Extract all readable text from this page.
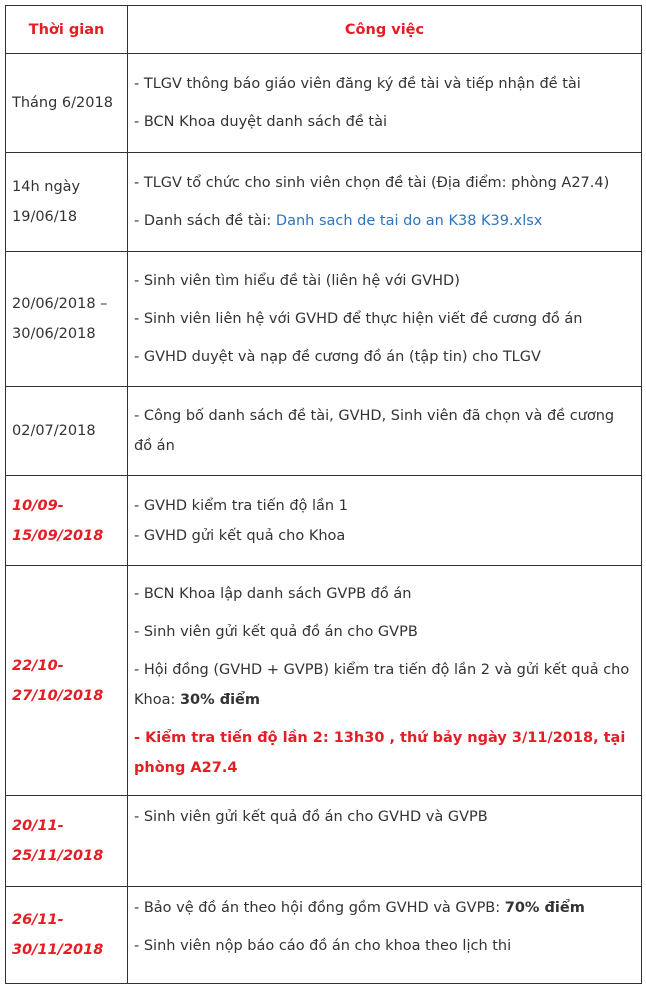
Thời gian	Công việc

Tháng 6/2018	- TLGV thông báo giáo viên đăng ký đề tài và tiếp nhận đề tài
- BCN Khoa duyệt danh sách đề tài

14h ngày
19/06/18	- TLGV tổ chức cho sinh viên chọn đề tài (Địa điểm: phòng A27.4)
- Danh sách đề tài: Danh sach de tai do an K38 K39.xlsx

20/06/2018 –
30/06/2018	- Sinh viên tìm hiểu đề tài (liên hệ với GVHD)
- Sinh viên liên hệ với GVHD để thực hiện viết đề cương đồ án
- GVHD duyệt và nạp đề cương đồ án (tập tin) cho TLGV

02/07/2018	- Công bố danh sách đề tài, GVHD, Sinh viên đã chọn và đề cương đồ án

10/09-
15/09/2018	- GVHD kiểm tra tiến độ lần 1
- GVHD gửi kết quả cho Khoa

22/10-
27/10/2018	- BCN Khoa lập danh sách GVPB đồ án
- Sinh viên gửi kết quả đồ án cho GVPB
- Hội đồng (GVHD + GVPB) kiểm tra tiến độ lần 2 và gửi kết quả cho Khoa: 30% điểm
- Kiểm tra tiến độ lần 2: 13h30 , thứ bảy ngày 3/11/2018, tại phòng A27.4

20/11-
25/11/2018	- Sinh viên gửi kết quả đồ án cho GVHD và GVPB

26/11-
30/11/2018	- Bảo vệ đồ án theo hội đồng gồm GVHD và GVPB: 70% điểm
- Sinh viên nộp báo cáo đồ án cho khoa theo lịch thi
